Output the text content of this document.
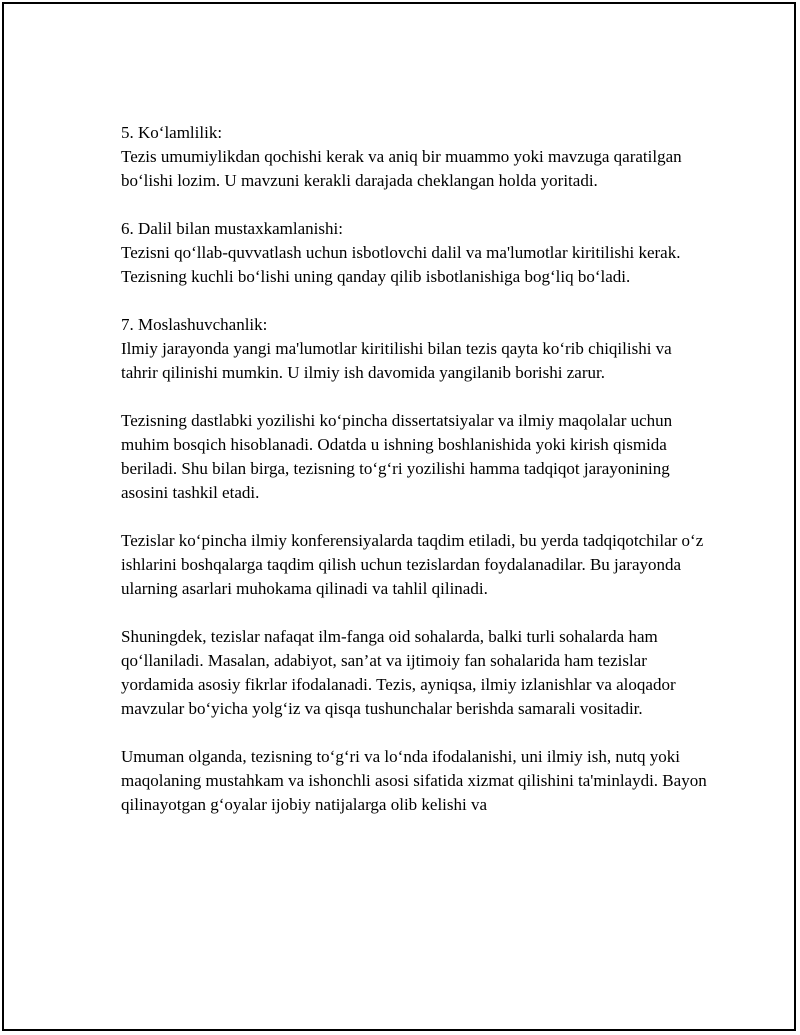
5. Ko‘lamlilik:

Tezis umumiylikdan qochishi kerak va aniq bir muammo yoki mavzuga qaratilgan bo‘lishi lozim. U mavzuni kerakli darajada cheklangan holda yoritadi.

6. Dalil bilan mustaxkamlanishi:

Tezisni qo‘llab-quvvatlash uchun isbotlovchi dalil va ma'lumotlar kiritilishi kerak. Tezisning kuchli bo‘lishi uning qanday qilib isbotlanishiga bog‘liq bo‘ladi.

7. Moslashuvchanlik:

Ilmiy jarayonda yangi ma'lumotlar kiritilishi bilan tezis qayta ko‘rib chiqilishi va tahrir qilinishi mumkin. U ilmiy ish davomida yangilanib borishi zarur.

Tezisning dastlabki yozilishi ko‘pincha dissertatsiyalar va ilmiy maqolalar uchun muhim bosqich hisoblanadi. Odatda u ishning boshlanishida yoki kirish qismida beriladi. Shu bilan birga, tezisning to‘g‘ri yozilishi hamma tadqiqot jarayonining asosini tashkil etadi.

Tezislar ko‘pincha ilmiy konferensiyalarda taqdim etiladi, bu yerda tadqiqotchilar o‘z ishlarini boshqalarga taqdim qilish uchun tezislardan foydalanadilar. Bu jarayonda ularning asarlari muhokama qilinadi va tahlil qilinadi.

Shuningdek, tezislar nafaqat ilm-fanga oid sohalarda, balki turli sohalarda ham qo‘llaniladi. Masalan, adabiyot, san’at va ijtimoiy fan sohalarida ham tezislar yordamida asosiy fikrlar ifodalanadi. Tezis, ayniqsa, ilmiy izlanishlar va aloqador mavzular bo‘yicha yolg‘iz va qisqa tushunchalar berishda samarali vositadir.

Umuman olganda, tezisning to‘g‘ri va lo‘nda ifodalanishi, uni ilmiy ish, nutq yoki maqolaning mustahkam va ishonchli asosi sifatida xizmat qilishini ta'minlaydi. Bayon qilinayotgan g‘oyalar ijobiy natijalarga olib kelishi va
